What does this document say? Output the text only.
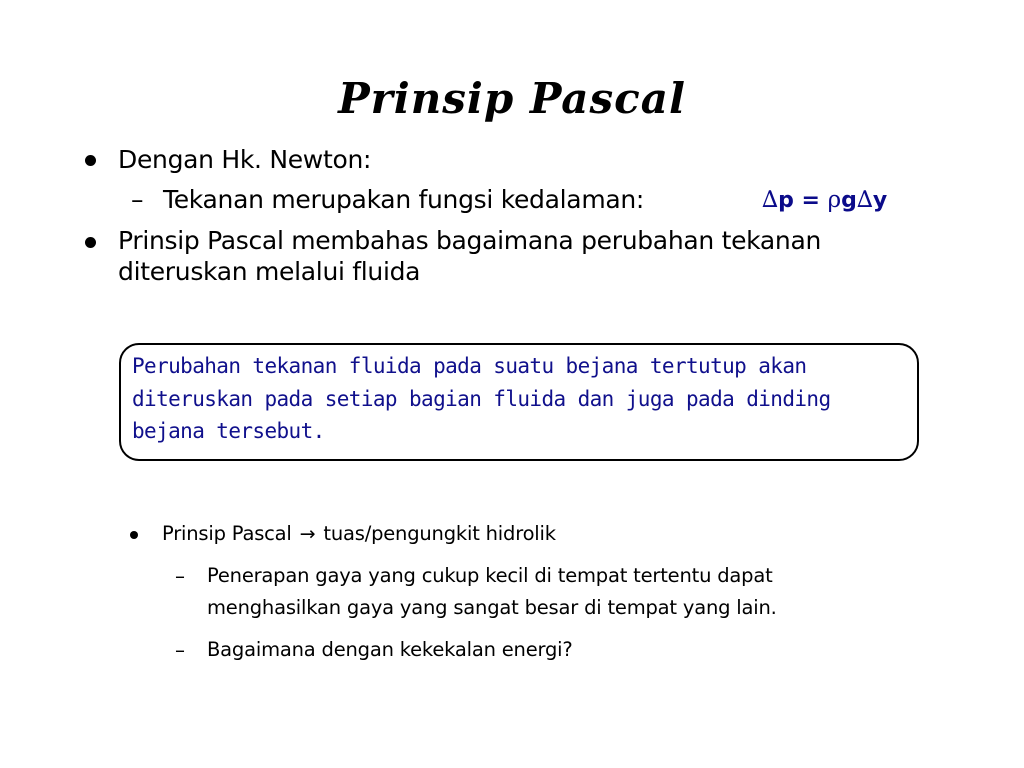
Prinsip Pascal
Dengan Hk. Newton:
– Tekanan merupakan fungsi kedalaman:	∆p = ρg∆y
Prinsip Pascal membahas bagaimana perubahan tekanan
diteruskan melalui fluida
Perubahan tekanan fluida pada suatu bejana tertutup akan
diteruskan pada setiap bagian fluida dan juga pada dinding
bejana tersebut.
Prinsip Pascal → tuas/pengungkit hidrolik
– Penerapan gaya yang cukup kecil di tempat tertentu dapat
menghasilkan gaya yang sangat besar di tempat yang lain.
– Bagaimana dengan kekekalan energi?
